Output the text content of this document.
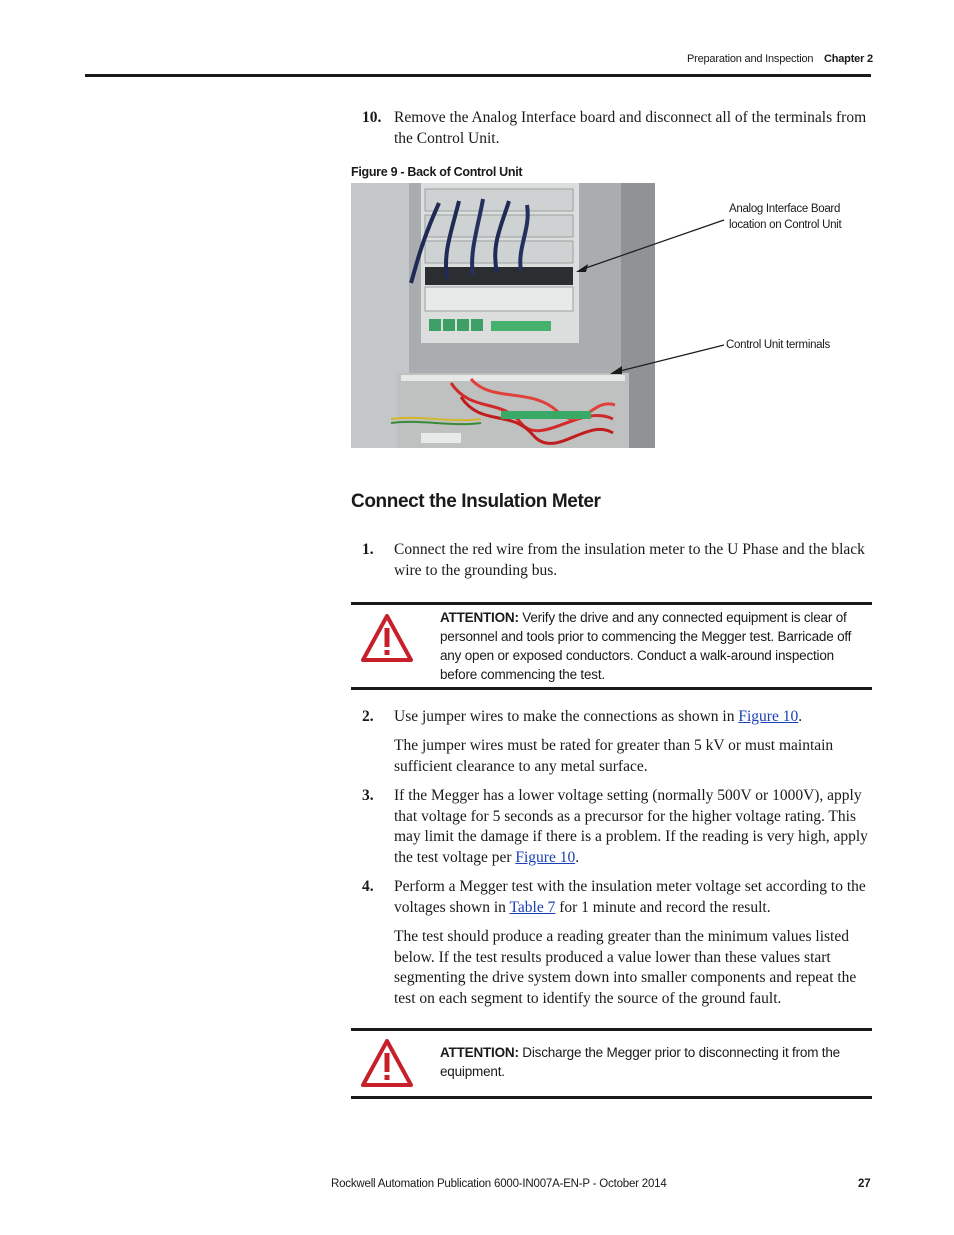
Preparation and Inspection Chapter 2
10. Remove the Analog Interface board and disconnect all of the terminals from the Control Unit.
Figure 9 - Back of Control Unit
Analog Interface Board
location on Control Unit
Control Unit terminals
Connect the Insulation Meter
1. Connect the red wire from the insulation meter to the U Phase and the black wire to the grounding bus.
ATTENTION: Verify the drive and any connected equipment is clear of personnel and tools prior to commencing the Megger test. Barricade off any open or exposed conductors. Conduct a walk-around inspection before commencing the test.
2. Use jumper wires to make the connections as shown in Figure 10.
The jumper wires must be rated for greater than 5 kV or must maintain sufficient clearance to any metal surface.
3. If the Megger has a lower voltage setting (normally 500V or 1000V), apply that voltage for 5 seconds as a precursor for the higher voltage rating. This may limit the damage if there is a problem. If the reading is very high, apply the test voltage per Figure 10.
4. Perform a Megger test with the insulation meter voltage set according to the voltages shown in Table 7 for 1 minute and record the result.
The test should produce a reading greater than the minimum values listed below. If the test results produced a value lower than these values start segmenting the drive system down into smaller components and repeat the test on each segment to identify the source of the ground fault.
ATTENTION: Discharge the Megger prior to disconnecting it from the equipment.
Rockwell Automation Publication 6000-IN007A-EN-P - October 2014	27
